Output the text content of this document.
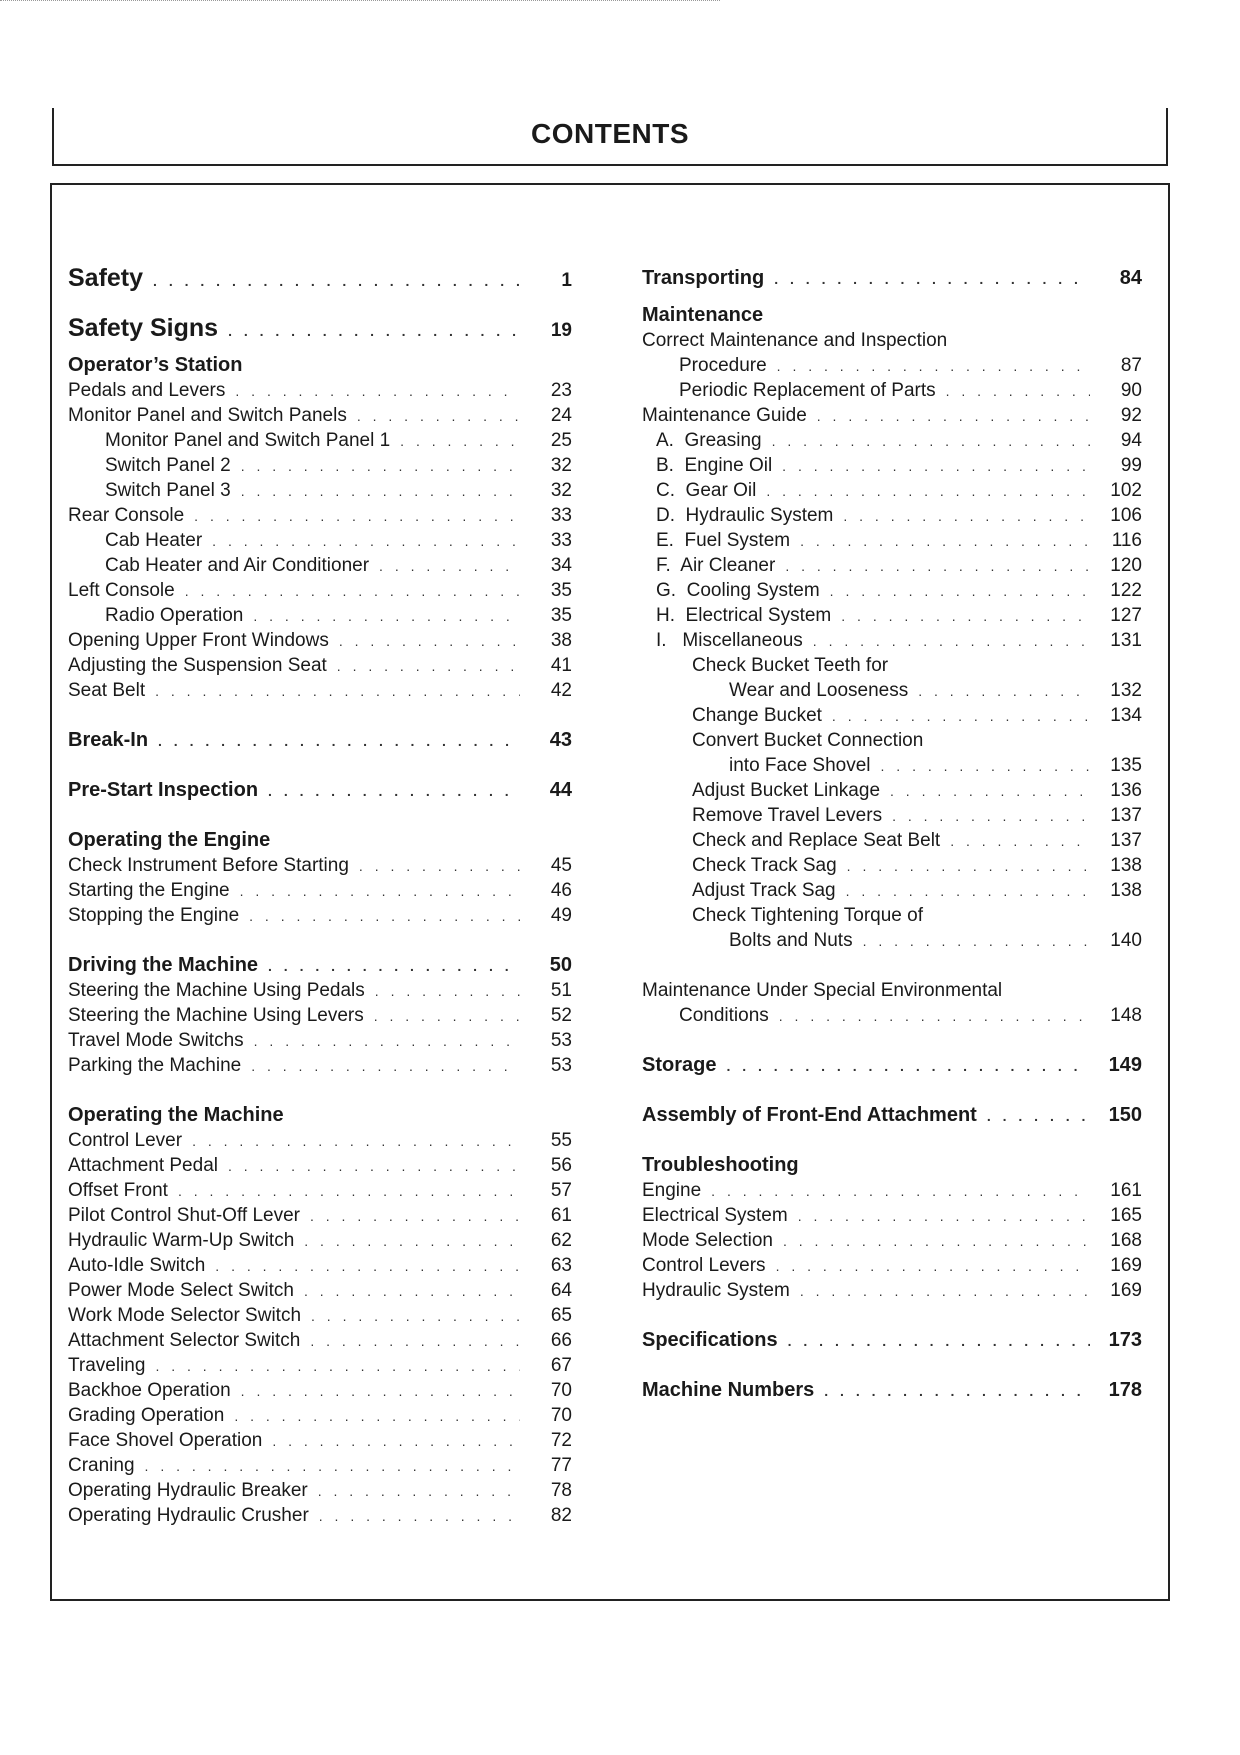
CONTENTS
Safety . . .	1
Safety Signs . . .	19
Operator’s Station
Pedals and Levers . . .	23
Monitor Panel and Switch Panels . . .	24
Monitor Panel and Switch Panel 1 . . .	25
Switch Panel 2 . . .	32
Switch Panel 3 . . .	32
Rear Console . . .	33
Cab Heater . . .	33
Cab Heater and Air Conditioner . . .	34
Left Console . . .	35
Radio Operation . . .	35
Opening Upper Front Windows . . .	38
Adjusting the Suspension Seat . . .	41
Seat Belt . . .	42
Break-In . . .	43
Pre-Start Inspection . . .	44
Operating the Engine
Check Instrument Before Starting . . .	45
Starting the Engine . . .	46
Stopping the Engine . . .	49
Driving the Machine . . .	50
Steering the Machine Using Pedals . . .	51
Steering the Machine Using Levers . . .	52
Travel Mode Switchs . . .	53
Parking the Machine . . .	53
Operating the Machine
Control Lever . . .	55
Attachment Pedal . . .	56
Offset Front . . .	57
Pilot Control Shut-Off Lever . . .	61
Hydraulic Warm-Up Switch . . .	62
Auto-Idle Switch . . .	63
Power Mode Select Switch . . .	64
Work Mode Selector Switch . . .	65
Attachment Selector Switch . . .	66
Traveling . . .	67
Backhoe Operation . . .	70
Grading Operation . . .	70
Face Shovel Operation . . .	72
Craning . . .	77
Operating Hydraulic Breaker . . .	78
Operating Hydraulic Crusher . . .	82
Transporting . . .	84
Maintenance
Correct Maintenance and Inspection
Procedure . . .	87
Periodic Replacement of Parts . . .	90
Maintenance Guide . . .	92
A.  Greasing . . .	94
B.  Engine Oil . . .	99
C.  Gear Oil . . .	102
D.  Hydraulic System . . .	106
E.  Fuel System . . .	116
F.  Air Cleaner . . .	120
G.  Cooling System . . .	122
H.  Electrical System . . .	127
I.   Miscellaneous . . .	131
Check Bucket Teeth for
Wear and Looseness . . .	132
Change Bucket . . .	134
Convert Bucket Connection
into Face Shovel . . .	135
Adjust Bucket Linkage . . .	136
Remove Travel Levers . . .	137
Check and Replace Seat Belt . . .	137
Check Track Sag . . .	138
Adjust Track Sag . . .	138
Check Tightening Torque of
Bolts and Nuts . . .	140
Maintenance Under Special Environmental
Conditions . . .	148
Storage . . .	149
Assembly of Front-End Attachment . . .	150
Troubleshooting
Engine . . .	161
Electrical System . . .	165
Mode Selection . . .	168
Control Levers . . .	169
Hydraulic System . . .	169
Specifications . . .	173
Machine Numbers . . .	178
